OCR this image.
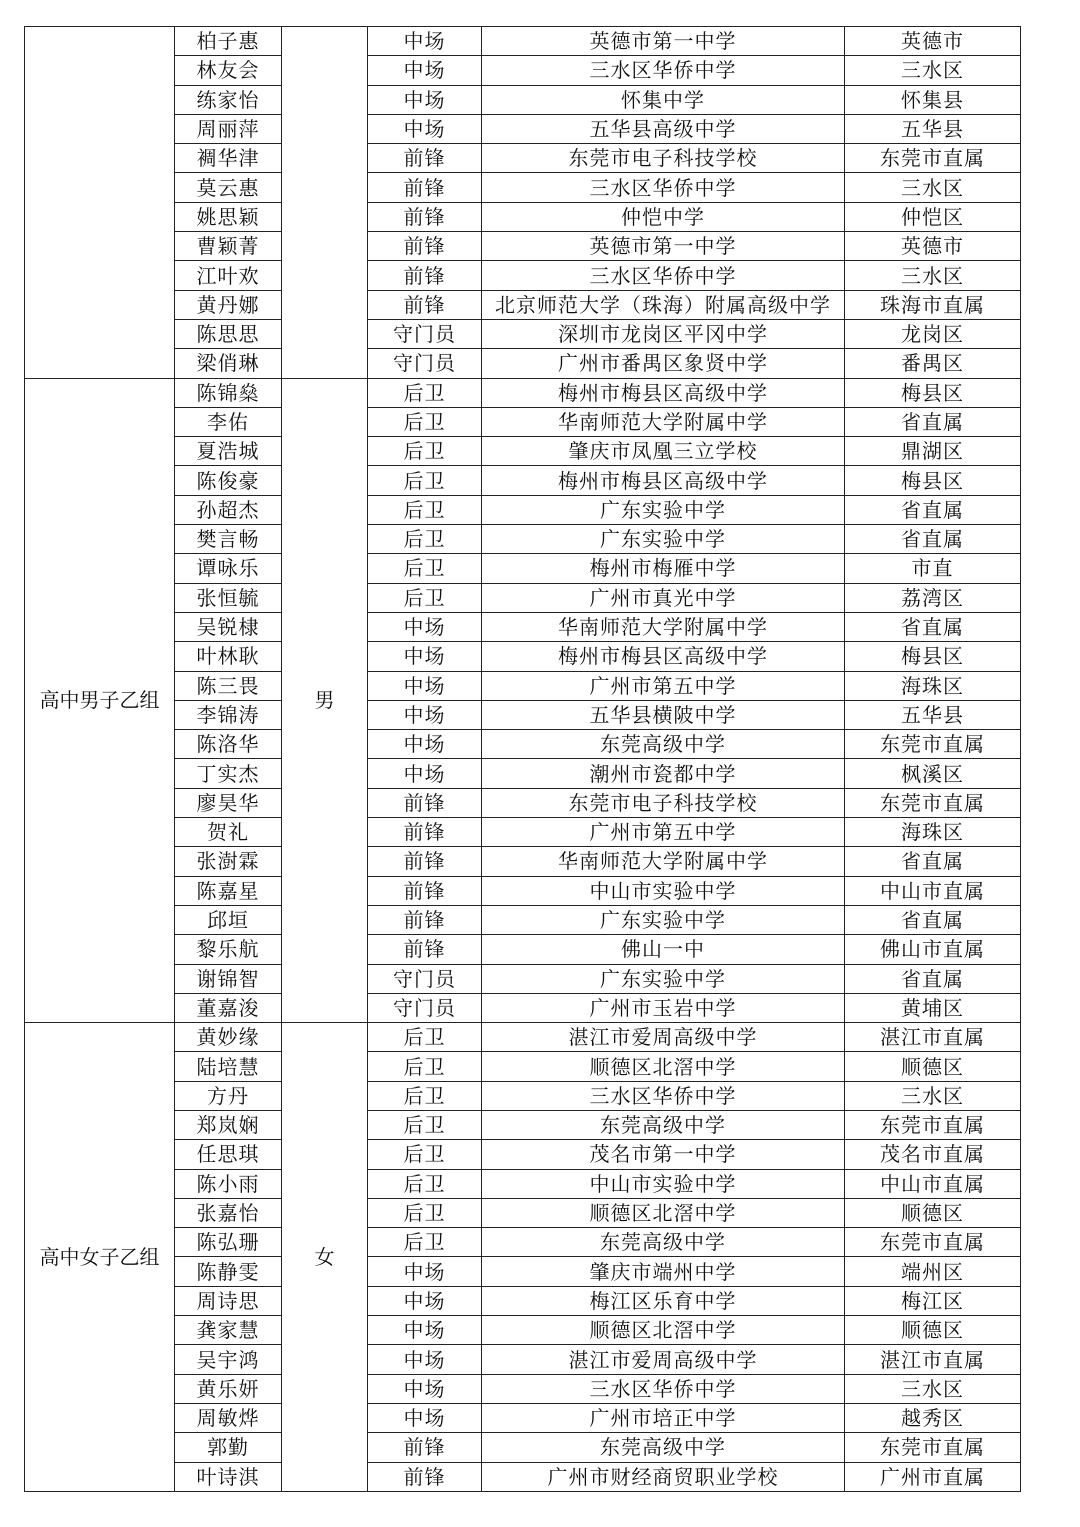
	柏子惠		中场	英德市第一中学	英德市
	林友会		中场	三水区华侨中学	三水区
	练家怡		中场	怀集中学	怀集县
	周丽萍		中场	五华县高级中学	五华县
	裯华津		前锋	东莞市电子科技学校	东莞市直属
	莫云惠		前锋	三水区华侨中学	三水区
	姚思颖		前锋	仲恺中学	仲恺区
	曹颖菁		前锋	英德市第一中学	英德市
	江叶欢		前锋	三水区华侨中学	三水区
	黄丹娜		前锋	北京师范大学（珠海）附属高级中学	珠海市直属
	陈思思		守门员	深圳市龙岗区平冈中学	龙岗区
	梁俏琳		守门员	广州市番禺区象贤中学	番禺区
高中男子乙组	陈锦燊	男	后卫	梅州市梅县区高级中学	梅县区
	李佑		后卫	华南师范大学附属中学	省直属
	夏浩城		后卫	肇庆市凤凰三立学校	鼎湖区
	陈俊豪		后卫	梅州市梅县区高级中学	梅县区
	孙超杰		后卫	广东实验中学	省直属
	樊言畅		后卫	广东实验中学	省直属
	谭咏乐		后卫	梅州市梅雁中学	市直
	张恒毓		后卫	广州市真光中学	荔湾区
	吴锐棣		中场	华南师范大学附属中学	省直属
	叶林耿		中场	梅州市梅县区高级中学	梅县区
	陈三畏		中场	广州市第五中学	海珠区
	李锦涛		中场	五华县横陂中学	五华县
	陈洛华		中场	东莞高级中学	东莞市直属
	丁实杰		中场	潮州市瓷都中学	枫溪区
	廖昊华		前锋	东莞市电子科技学校	东莞市直属
	贺礼		前锋	广州市第五中学	海珠区
	张澍霖		前锋	华南师范大学附属中学	省直属
	陈嘉星		前锋	中山市实验中学	中山市直属
	邱垣		前锋	广东实验中学	省直属
	黎乐航		前锋	佛山一中	佛山市直属
	谢锦智		守门员	广东实验中学	省直属
	董嘉浚		守门员	广州市玉岩中学	黄埔区
高中女子乙组	黄妙缘	女	后卫	湛江市爱周高级中学	湛江市直属
	陆培慧		后卫	顺德区北滘中学	顺德区
	方丹		后卫	三水区华侨中学	三水区
	郑岚娴		后卫	东莞高级中学	东莞市直属
	任思琪		后卫	茂名市第一中学	茂名市直属
	陈小雨		后卫	中山市实验中学	中山市直属
	张嘉怡		后卫	顺德区北滘中学	顺德区
	陈弘珊		后卫	东莞高级中学	东莞市直属
	陈静雯		中场	肇庆市端州中学	端州区
	周诗思		中场	梅江区乐育中学	梅江区
	龚家慧		中场	顺德区北滘中学	顺德区
	吴宇鸿		中场	湛江市爱周高级中学	湛江市直属
	黄乐妍		中场	三水区华侨中学	三水区
	周敏烨		中场	广州市培正中学	越秀区
	郭勤		前锋	东莞高级中学	东莞市直属
	叶诗淇		前锋	广州市财经商贸职业学校	广州市直属
